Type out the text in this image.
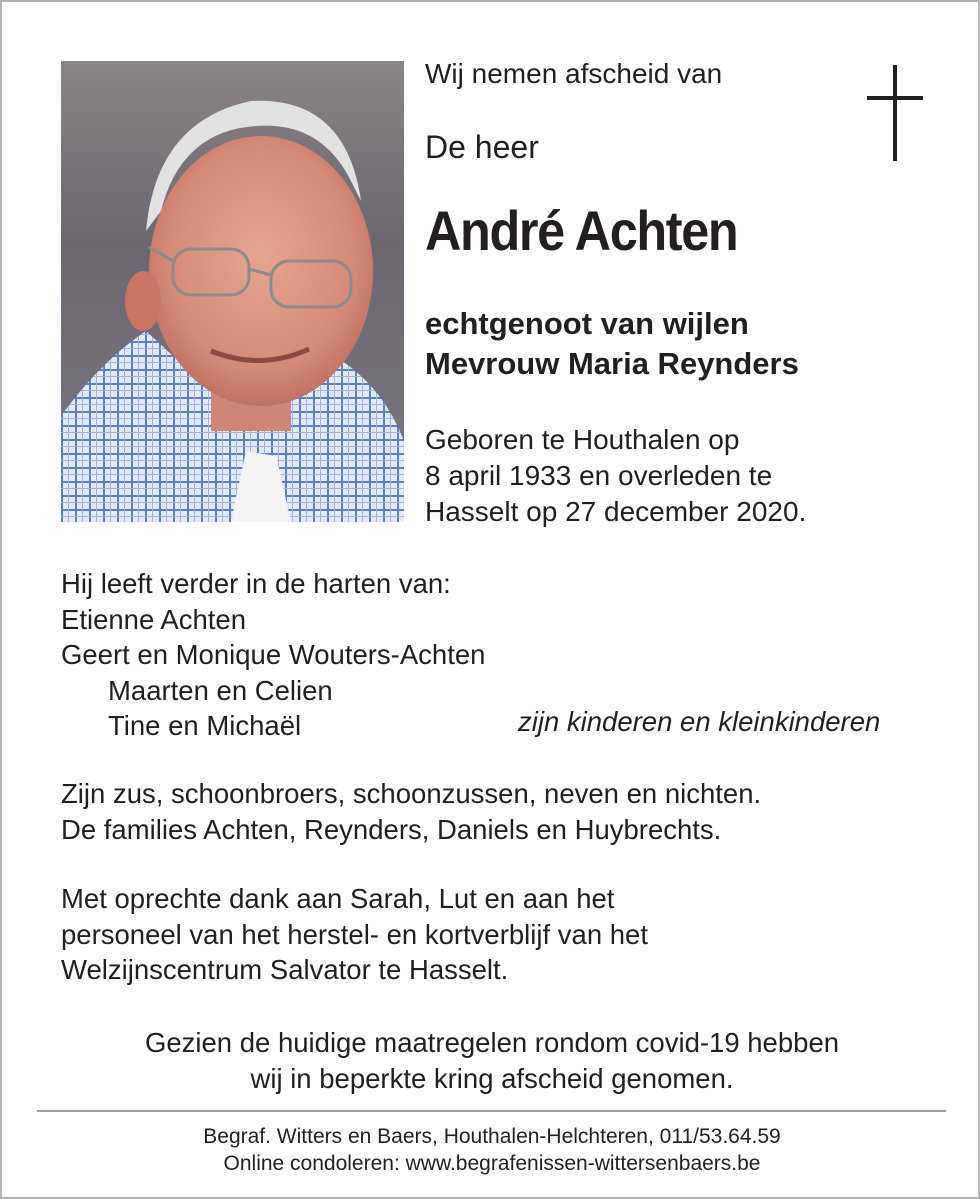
Wij nemen afscheid van
De heer
André Achten
echtgenoot van wijlen
Mevrouw Maria Reynders
Geboren te Houthalen op
8 april 1933 en overleden te
Hasselt op 27 december 2020.
Hij leeft verder in de harten van:
Etienne Achten
Geert en Monique Wouters-Achten
Maarten en Celien
Tine en Michaël	zijn kinderen en kleinkinderen
Zijn zus, schoonbroers, schoonzussen, neven en nichten.
De families Achten, Reynders, Daniels en Huybrechts.
Met oprechte dank aan Sarah, Lut en aan het
personeel van het herstel- en kortverblijf van het
Welzijnscentrum Salvator te Hasselt.
Gezien de huidige maatregelen rondom covid-19 hebben
wij in beperkte kring afscheid genomen.
Begraf. Witters en Baers, Houthalen-Helchteren, 011/53.64.59
Online condoleren: www.begrafenissen-wittersenbaers.be
